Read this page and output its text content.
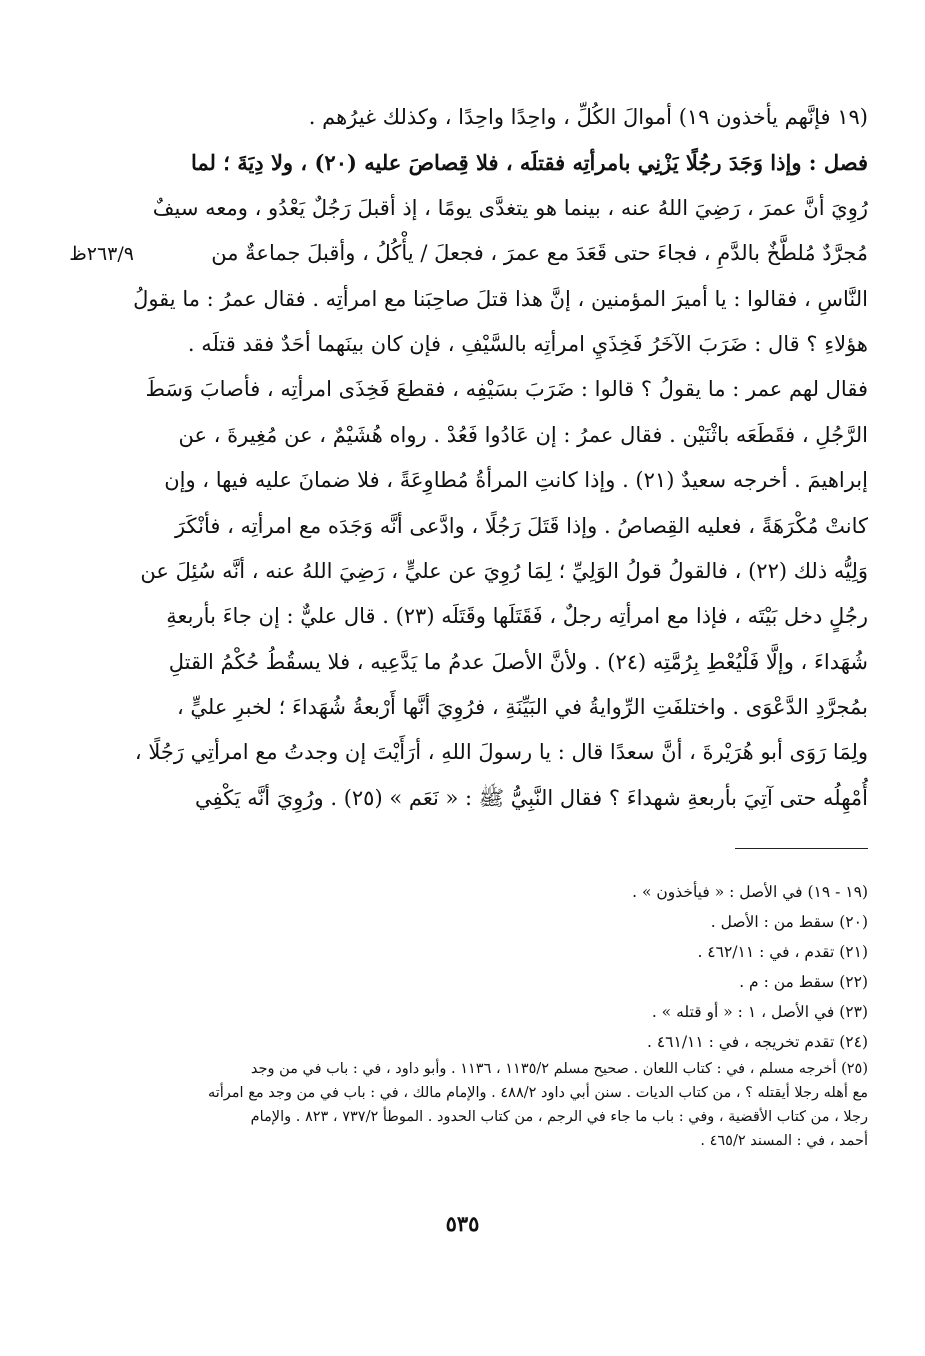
(١٩ فإنَّهم يأخذون ١٩) أموالَ الكُلِّ ، واحِدًا واحِدًا ، وكذلك غيرُهم .
فصل : وإذا وَجَدَ رجُلًا يَزْنِي بامرأتِه فقتلَه ، فلا قِصاصَ عليه (٢٠) ، ولا دِيَةَ ؛ لما
رُوِيَ أنَّ عمرَ ، رَضِيَ اللهُ عنه ، بينما هو يتغدَّى يومًا ، إذ أقبلَ رَجُلٌ يَعْدُو ، ومعه سيفٌ
مُجرَّدٌ مُلطَّخٌ بالدَّمِ ، فجاءَ حتى قَعَدَ مع عمرَ ، فجعلَ / يأْكُلُ ، وأقبلَ جماعةٌ من
النَّاسِ ، فقالوا : يا أميرَ المؤمنين ، إنَّ هذا قتلَ صاحِبَنا مع امرأتِه . فقال عمرُ : ما يقولُ
هؤلاءِ ؟ قال : ضَرَبَ الآخَرُ فَخِذَيِ امرأتِه بالسَّيْفِ ، فإن كان بينَهما أحَدٌ فقد قتلَه .
فقال لهم عمر : ما يقولُ ؟ قالوا : ضَرَبَ بسَيْفِه ، فقطعَ فَخِذَى امرأتِه ، فأصابَ وَسَطَ
الرَّجُلِ ، فقَطَعَه باثْنَيْن . فقال عمرُ : إن عَادُوا فَعُدْ . رواه هُشَيْمٌ ، عن مُغِيرةَ ، عن
إبراهيمَ . أخرجه سعيدٌ (٢١) . وإذا كانتِ المرأةُ مُطاوِعَةً ، فلا ضمانَ عليه فيها ، وإن
كانتْ مُكْرَهَةً ، فعليه القِصاصُ . وإذا قَتَلَ رَجُلًا ، وادَّعى أنَّه وَجَدَه مع امرأتِه ، فأنْكَرَ
وَلِيُّه ذلك (٢٢) ، فالقولُ قولُ الوَلِيِّ ؛ لِمَا رُوِيَ عن عليٍّ ، رَضِيَ اللهُ عنه ، أنَّه سُئِلَ عن
رجُلٍ دخل بَيْتَه ، فإذا مع امرأتِه رجلٌ ، فَقَتَلَها وقَتَلَه (٢٣) . قال عليٌّ : إن جاءَ بأربعةِ
شُهَداءَ ، وإلَّا فَلْيُعْطِ بِرُمَّتِه (٢٤) . ولأنَّ الأصلَ عدمُ ما يَدَّعِيه ، فلا يسقُطُ حُكْمُ القتلِ
بمُجرَّدِ الدَّعْوَى . واختلفَتِ الرِّوايةُ في البَيِّنَةِ ، فرُوِيَ أنَّها أَرْبعةُ شُهَداءَ ؛ لخبرِ عليٍّ ،
ولِمَا رَوَى أبو هُرَيْرةَ ، أنَّ سعدًا قال : يا رسولَ اللهِ ، أرَأَيْتَ إن وجدتُ مع امرأتِي رَجُلًا ،
أُمْهِلُه حتى آتِيَ بأربعةِ شهداءَ ؟ فقال النَّبِيُّ ﷺ : « نَعَم » (٢٥) . ورُوِيَ أنَّه يَكْفِي
٢٦٣/٩ظ
(١٩ - ١٩) في الأصل : « فيأخذون » .
(٢٠) سقط من : الأصل .
(٢١) تقدم ، في : ٤٦٢/١١ .
(٢٢) سقط من : م .
(٢٣) في الأصل ، ١ : « أو قتله » .
(٢٤) تقدم تخريجه ، في : ٤٦١/١١ .
(٢٥) أخرجه مسلم ، في : كتاب اللعان . صحيح مسلم ١١٣٥/٢ ، ١١٣٦ . وأبو داود ، في : باب في من وجد
مع أهله رجلا أيقتله ؟ ، من كتاب الديات . سنن أبي داود ٤٨٨/٢ . والإمام مالك ، في : باب في من وجد مع امرأته
رجلا ، من كتاب الأقضية ، وفي : باب ما جاء في الرجم ، من كتاب الحدود . الموطأ ٧٣٧/٢ ، ٨٢٣ . والإمام
أحمد ، في : المسند ٤٦٥/٢ .
٥٣٥
